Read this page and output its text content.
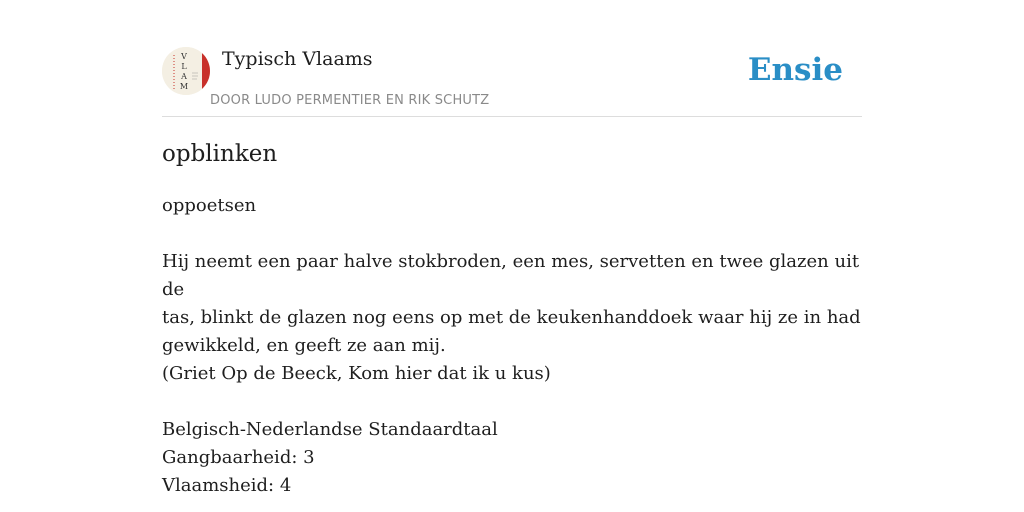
V
L
A
M
Typisch Vlaams
DOOR LUDO PERMENTIER EN RIK SCHUTZ
Ensie
opblinken

oppoetsen

Hij neemt een paar halve stokbroden, een mes, servetten en twee glazen uit de

tas, blinkt de glazen nog eens op met de keukenhanddoek waar hij ze in had

gewikkeld, en geeft ze aan mij.

(Griet Op de Beeck, Kom hier dat ik u kus)

Belgisch-Nederlandse Standaardtaal

Gangbaarheid: 3

Vlaamsheid: 4
